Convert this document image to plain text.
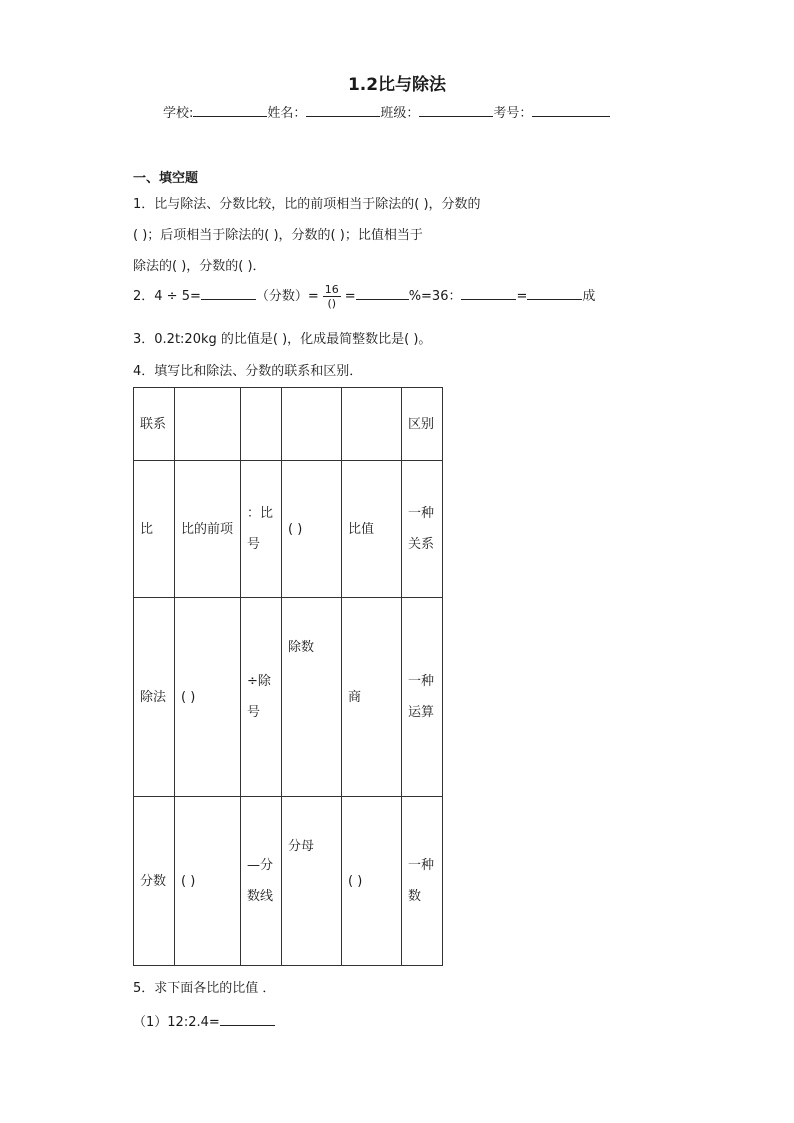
1.2比与除法
学校:	姓名：	班级：	考号：
一、填空题
1．比与除法、分数比较，比的前项相当于除法的( )，分数的
( )；后项相当于除法的( )，分数的( )；比值相当于
除法的( )，分数的( )．
2．4 ÷ 5=	（分数）= $\frac{16}{()}$ =	%=36：	=	成
3．0.2t:20kg 的比值是( )，化成最简整数比是( )。
4．填写比和除法、分数的联系和区别．
联系					区别
比	比的前项	：比号	( )	比值	一种关系
除法	( )	÷除号	除数	商	一种运算
分数	( )	—分数线	分母	( )	一种数
5．求下面各比的比值 ．
（1）12:2.4=
